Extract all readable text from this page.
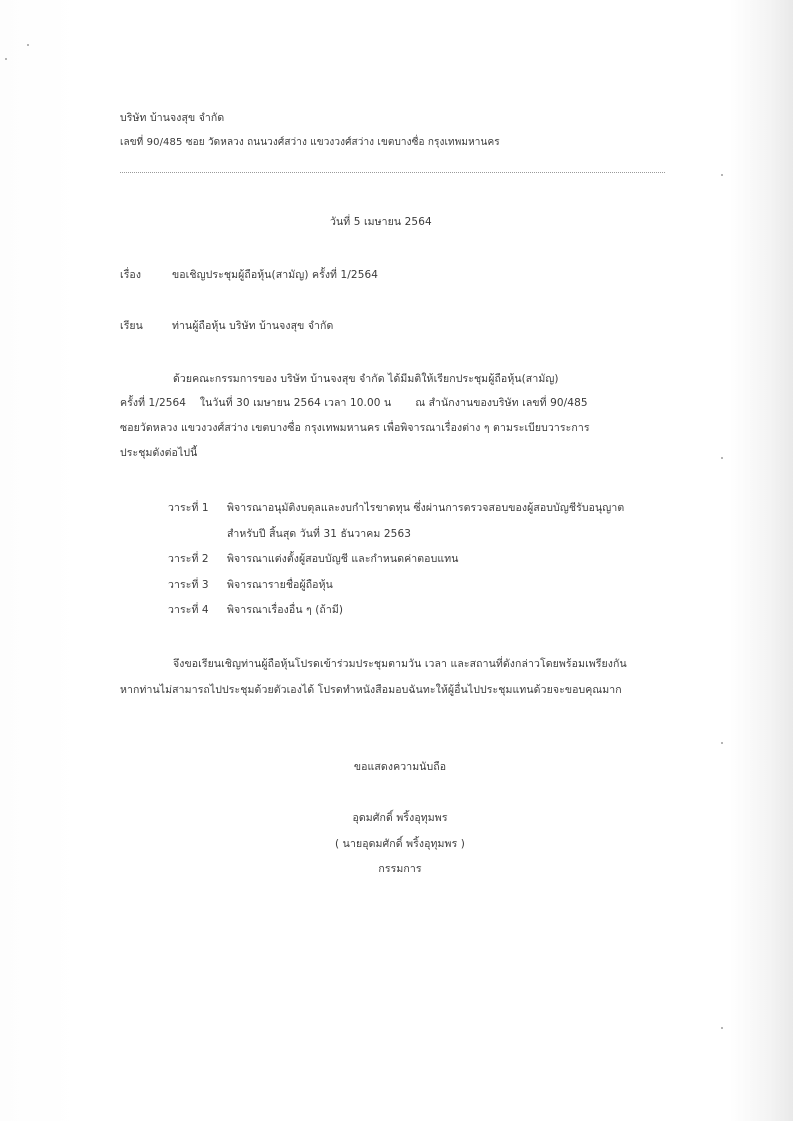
บริษัท บ้านจงสุข จำกัด
เลขที่ 90/485 ซอย วัดหลวง ถนนวงศ์สว่าง แขวงวงศ์สว่าง เขตบางซื่อ กรุงเทพมหานคร
วันที่ 5 เมษายน 2564
เรื่อง	ขอเชิญประชุมผู้ถือหุ้น(สามัญ) ครั้งที่ 1/2564
เรียน	ท่านผู้ถือหุ้น บริษัท บ้านจงสุข จำกัด
ด้วยคณะกรรมการของ บริษัท บ้านจงสุข จำกัด ได้มีมติให้เรียกประชุมผู้ถือหุ้น(สามัญ)
ครั้งที่ 1/2564    ในวันที่ 30 เมษายน 2564 เวลา 10.00 น       ณ สำนักงานของบริษัท เลขที่ 90/485
ซอยวัดหลวง แขวงวงศ์สว่าง เขตบางซื่อ กรุงเทพมหานคร เพื่อพิจารณาเรื่องต่าง ๆ ตามระเบียบวาระการ
ประชุมดังต่อไปนี้
วาระที่ 1 พิจารณาอนุมัติงบดุลและงบกำไรขาดทุน ซึ่งผ่านการตรวจสอบของผู้สอบบัญชีรับอนุญาต
สำหรับปี สิ้นสุด วันที่ 31 ธันวาคม 2563
วาระที่ 2 พิจารณาแต่งตั้งผู้สอบบัญชี และกำหนดค่าตอบแทน
วาระที่ 3 พิจารณารายชื่อผู้ถือหุ้น
วาระที่ 4 พิจารณาเรื่องอื่น ๆ (ถ้ามี)
จึงขอเรียนเชิญท่านผู้ถือหุ้นโปรดเข้าร่วมประชุมตามวัน เวลา และสถานที่ดังกล่าวโดยพร้อมเพรียงกัน
หากท่านไม่สามารถไปประชุมด้วยตัวเองได้ โปรดทำหนังสือมอบฉันทะให้ผู้อื่นไปประชุมแทนด้วยจะขอบคุณมาก
ขอแสดงความนับถือ
อุดมศักดิ์ พริ้งอุทุมพร
( นายอุดมศักดิ์ พริ้งอุทุมพร )
กรรมการ
